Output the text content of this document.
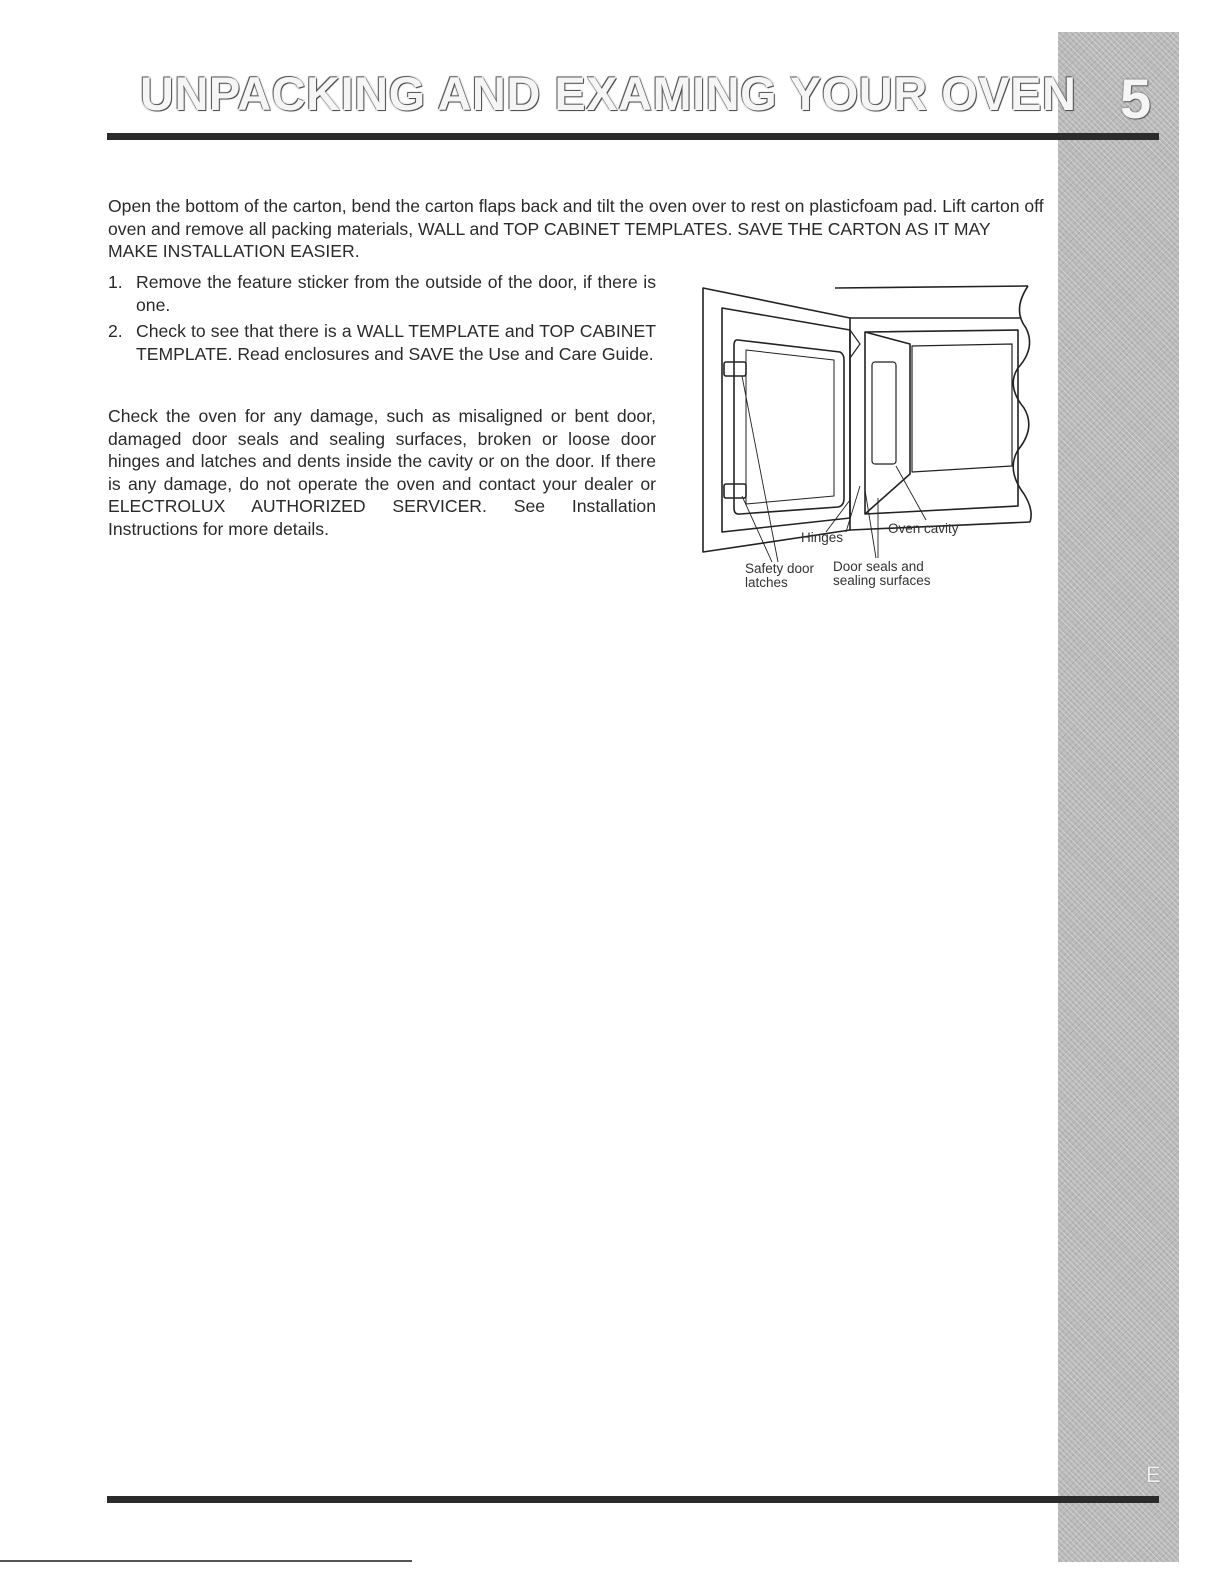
5
UNPACKING AND EXAMING YOUR OVEN

Open the bottom of the carton, bend the carton flaps back and tilt the oven over to rest on plasticfoam pad. Lift carton off oven and remove all packing materials, WALL and TOP CABINET TEMPLATES. SAVE THE CARTON AS IT MAY MAKE INSTALLATION EASIER.

1. Remove the feature sticker from the outside of the door, if there is one.
2. Check to see that there is a WALL TEMPLATE and TOP CABINET TEMPLATE. Read enclosures and SAVE the Use and Care Guide.

Check the oven for any damage, such as misaligned or bent door, damaged door seals and sealing surfaces, broken or loose door hinges and latches and dents inside the cavity or on the door. If there is any damage, do not operate the oven and contact your dealer or ELECTROLUX AUTHORIZED SERVICER. See Installation Instructions for more details.	Hinges
Oven cavity
Safety door
latches
Door seals and
sealing surfaces
E
